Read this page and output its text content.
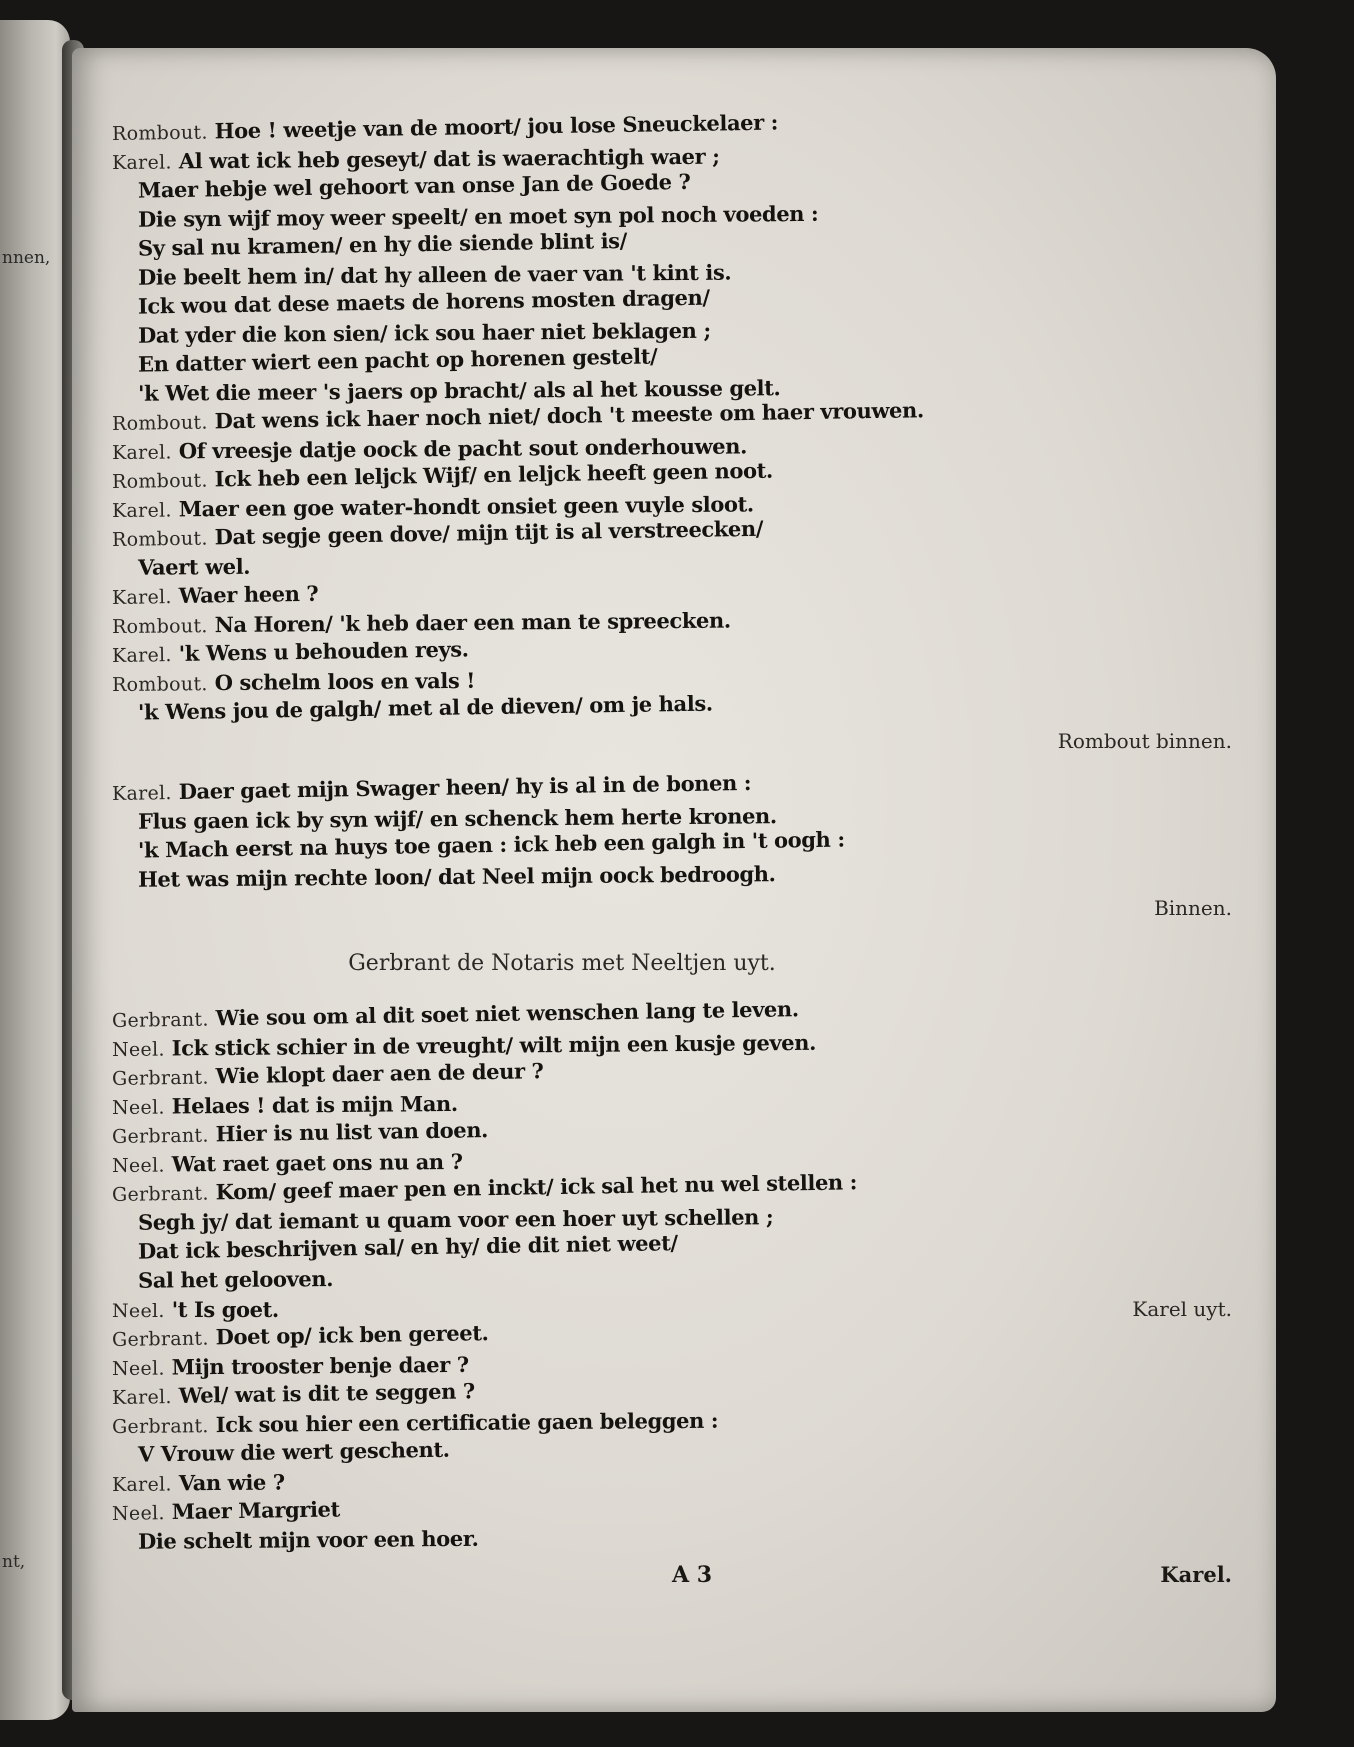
nnen,
nt,
Rombout. Hoe ! weetje van de moort/ jou lose Sneuckelaer :
Karel. Al wat ick heb geseyt/ dat is waerachtigh waer ;
Maer hebje wel gehoort van onse Jan de Goede ?
Die syn wijf moy weer speelt/ en moet syn pol noch voeden :
Sy sal nu kramen/ en hy die siende blint is/
Die beelt hem in/ dat hy alleen de vaer van 't kint is.
Ick wou dat dese maets de horens mosten dragen/
Dat yder die kon sien/ ick sou haer niet beklagen ;
En datter wiert een pacht op horenen gestelt/
'k Wet die meer 's jaers op bracht/ als al het kousse gelt.
Rombout. Dat wens ick haer noch niet/ doch 't meeste om haer vrouwen.
Karel. Of vreesje datje oock de pacht sout onderhouwen.
Rombout. Ick heb een leljck Wijf/ en leljck heeft geen noot.
Karel. Maer een goe water-hondt onsiet geen vuyle sloot.
Rombout. Dat segje geen dove/ mijn tijt is al verstreecken/
Vaert wel.
Karel. Waer heen ?
Rombout. Na Horen/ 'k heb daer een man te spreecken.
Karel. 'k Wens u behouden reys.
Rombout. O schelm loos en vals !
'k Wens jou de galgh/ met al de dieven/ om je hals.
Rombout binnen.
Karel. Daer gaet mijn Swager heen/ hy is al in de bonen :
Flus gaen ick by syn wijf/ en schenck hem herte kronen.
'k Mach eerst na huys toe gaen : ick heb een galgh in 't oogh :
Het was mijn rechte loon/ dat Neel mijn oock bedroogh.
Binnen.
Gerbrant de Notaris met Neeltjen uyt.
Gerbrant. Wie sou om al dit soet niet wenschen lang te leven.
Neel. Ick stick schier in de vreught/ wilt mijn een kusje geven.
Gerbrant. Wie klopt daer aen de deur ?
Neel. Helaes ! dat is mijn Man.
Gerbrant. Hier is nu list van doen.
Neel. Wat raet gaet ons nu an ?
Gerbrant. Kom/ geef maer pen en inckt/ ick sal het nu wel stellen :
Segh jy/ dat iemant u quam voor een hoer uyt schellen ;
Dat ick beschrijven sal/ en hy/ die dit niet weet/
Sal het gelooven.
Neel. 't Is goet.	Karel uyt.
Gerbrant. Doet op/ ick ben gereet.
Neel. Mijn trooster benje daer ?
Karel. Wel/ wat is dit te seggen ?
Gerbrant. Ick sou hier een certificatie gaen beleggen :
V Vrouw die wert geschent.
Karel. Van wie ?
Neel. Maer Margriet
Die schelt mijn voor een hoer.
A 3	Karel.
